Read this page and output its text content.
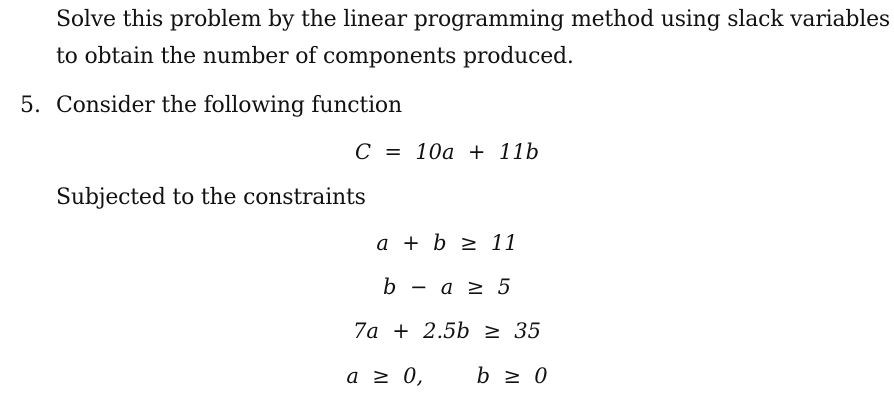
Solve this problem by the linear programming method using slack variables
to obtain the number of components produced.
5. Consider the following function
C  =  10a  +  11b
Subjected to the constraints
a  +  b  ≥  11
b  −  a  ≥  5
7a  +  2.5b  ≥  35
a  ≥  0,        b  ≥  0
